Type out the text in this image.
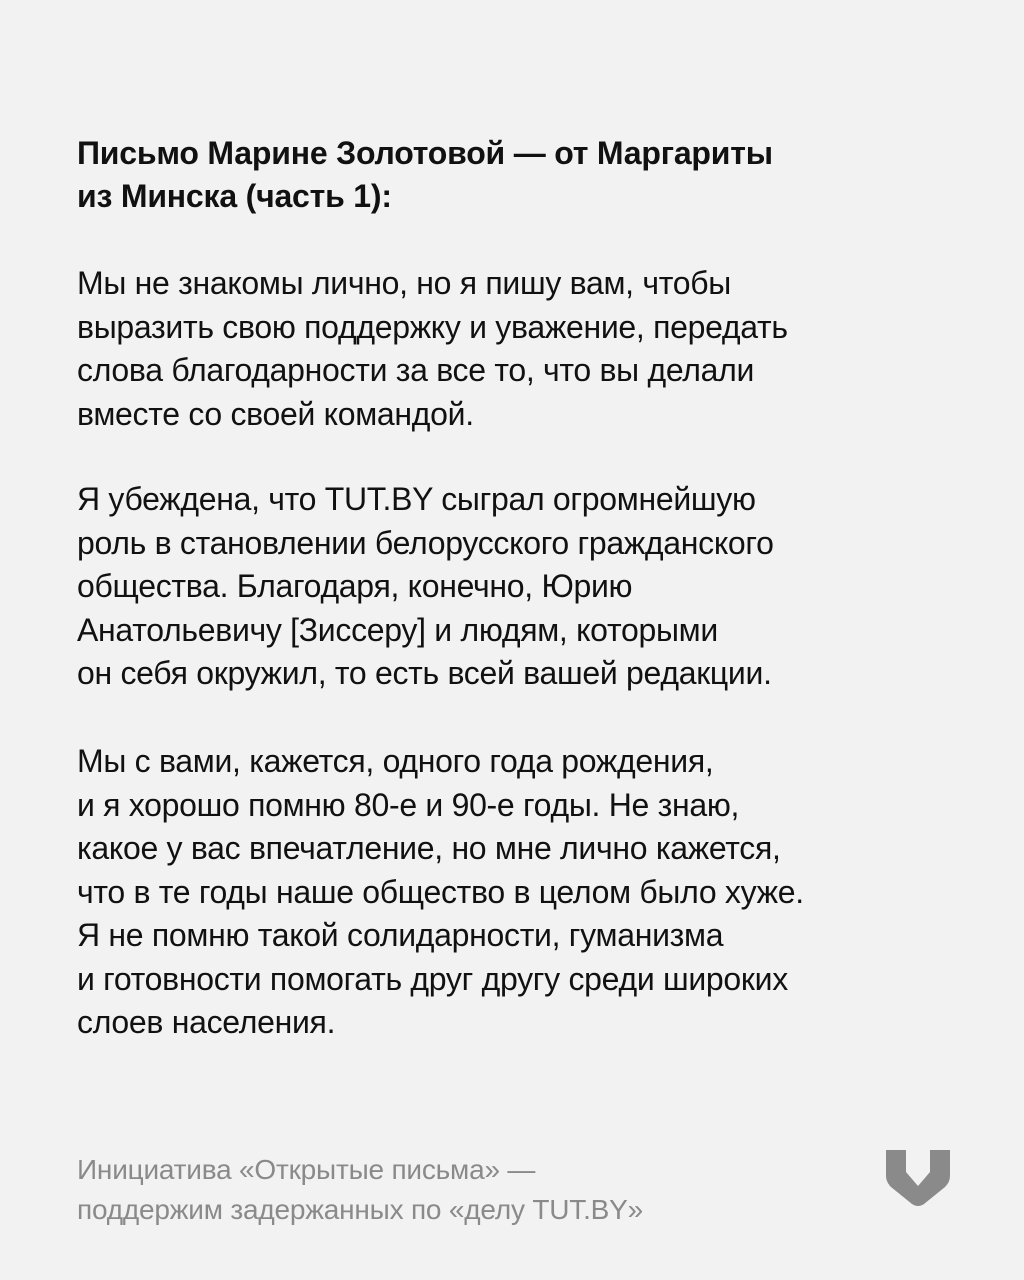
Письмо Марине Золотовой — от Маргариты
из Минска (часть 1):
Мы не знакомы лично, но я пишу вам, чтобы
выразить свою поддержку и уважение, передать
слова благодарности за все то, что вы делали
вместе со своей командой.
Я убеждена, что TUT.BY сыграл огромнейшую
роль в становлении белорусского гражданского
общества. Благодаря, конечно, Юрию
Анатольевичу [Зиссеру] и людям, которыми
он себя окружил, то есть всей вашей редакции.
Мы с вами, кажется, одного года рождения,
и я хорошо помню 80-е и 90-е годы. Не знаю,
какое у вас впечатление, но мне лично кажется,
что в те годы наше общество в целом было хуже.
Я не помню такой солидарности, гуманизма
и готовности помогать друг другу среди широких
слоев населения.
Инициатива «Открытые письма» —
поддержим задержанных по «делу TUT.BY»
